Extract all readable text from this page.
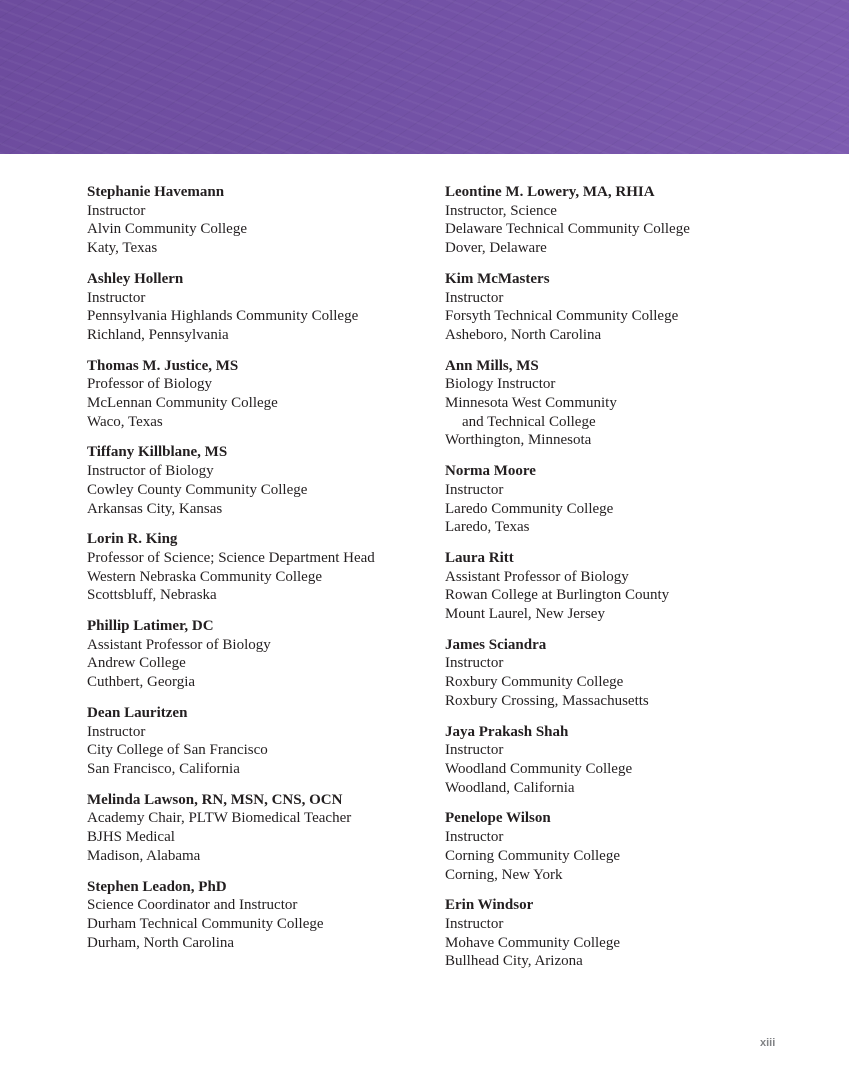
Stephanie Havemann
Instructor
Alvin Community College
Katy, Texas
Ashley Hollern
Instructor
Pennsylvania Highlands Community College
Richland, Pennsylvania
Thomas M. Justice, MS
Professor of Biology
McLennan Community College
Waco, Texas
Tiffany Killblane, MS
Instructor of Biology
Cowley County Community College
Arkansas City, Kansas
Lorin R. King
Professor of Science; Science Department Head
Western Nebraska Community College
Scottsbluff, Nebraska
Phillip Latimer, DC
Assistant Professor of Biology
Andrew College
Cuthbert, Georgia
Dean Lauritzen
Instructor
City College of San Francisco
San Francisco, California
Melinda Lawson, RN, MSN, CNS, OCN
Academy Chair, PLTW Biomedical Teacher
BJHS Medical
Madison, Alabama
Stephen Leadon, PhD
Science Coordinator and Instructor
Durham Technical Community College
Durham, North Carolina
Leontine M. Lowery, MA, RHIA
Instructor, Science
Delaware Technical Community College
Dover, Delaware
Kim McMasters
Instructor
Forsyth Technical Community College
Asheboro, North Carolina
Ann Mills, MS
Biology Instructor
Minnesota West Community
and Technical College
Worthington, Minnesota
Norma Moore
Instructor
Laredo Community College
Laredo, Texas
Laura Ritt
Assistant Professor of Biology
Rowan College at Burlington County
Mount Laurel, New Jersey
James Sciandra
Instructor
Roxbury Community College
Roxbury Crossing, Massachusetts
Jaya Prakash Shah
Instructor
Woodland Community College
Woodland, California
Penelope Wilson
Instructor
Corning Community College
Corning, New York
Erin Windsor
Instructor
Mohave Community College
Bullhead City, Arizona
xiii
